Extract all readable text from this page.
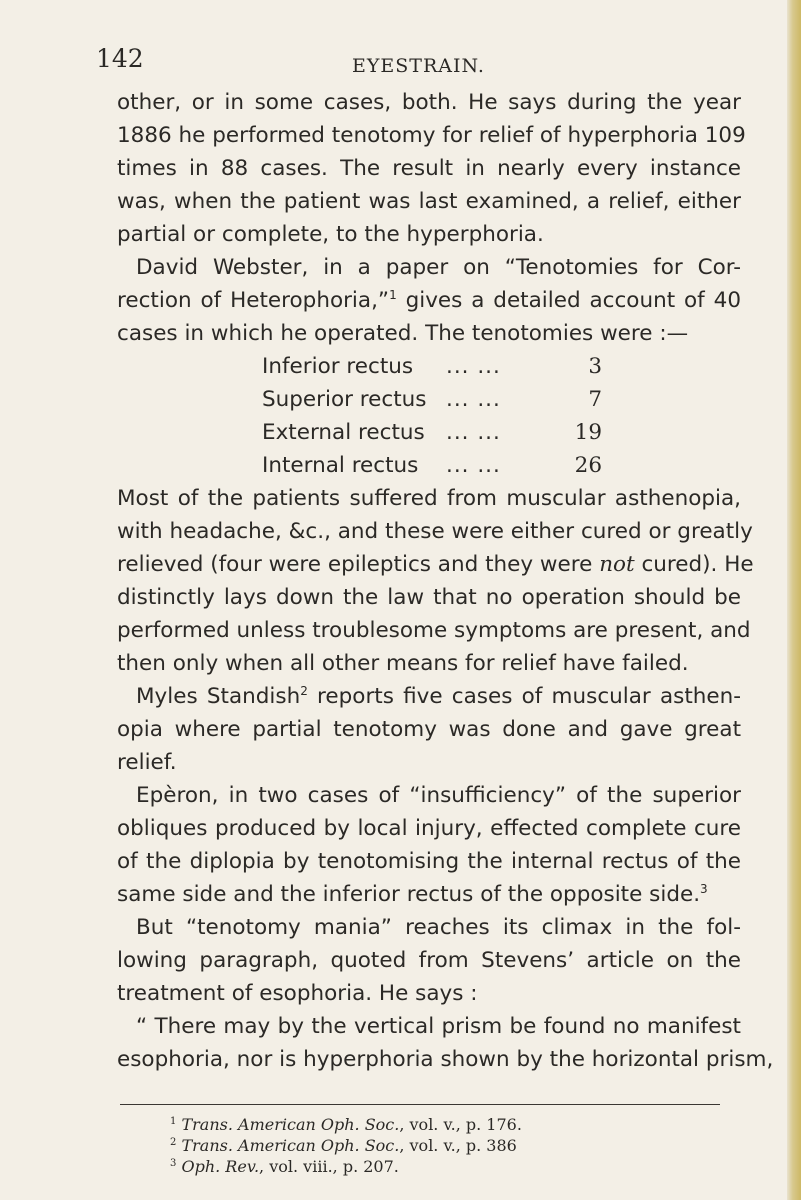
142	EYESTRAIN.
other, or in some cases, both. He says during the year
1886 he performed tenotomy for relief of hyperphoria 109
times in 88 cases. The result in nearly every instance
was, when the patient was last examined, a relief, either
partial or complete, to the hyperphoria.
David Webster, in a paper on “Tenotomies for Cor-
rection of Heterophoria,”$^1$ gives a detailed account of 40
cases in which he operated. The tenotomies were :—
Inferior rectus ... ...	3
Superior rectus ... ...	7
External rectus ... ...	19
Internal rectus ... ...	26
Most of the patients suffered from muscular asthenopia,
with headache, &c., and these were either cured or greatly
relieved (four were epileptics and they were not cured). He
distinctly lays down the law that no operation should be
performed unless troublesome symptoms are present, and
then only when all other means for relief have failed.
Myles Standish$^2$ reports five cases of muscular asthen-
opia where partial tenotomy was done and gave great
relief.
Epèron, in two cases of “insufficiency” of the superior
obliques produced by local injury, effected complete cure
of the diplopia by tenotomising the internal rectus of the
same side and the inferior rectus of the opposite side.$^3$
But “tenotomy mania” reaches its climax in the fol-
lowing paragraph, quoted from Stevens’ article on the
treatment of esophoria. He says :
“ There may by the vertical prism be found no manifest
esophoria, nor is hyperphoria shown by the horizontal prism,
$^1$ Trans. American Oph. Soc., vol. v., p. 176.
$^2$ Trans. American Oph. Soc., vol. v., p. 386
$^3$ Oph. Rev., vol. viii., p. 207.
